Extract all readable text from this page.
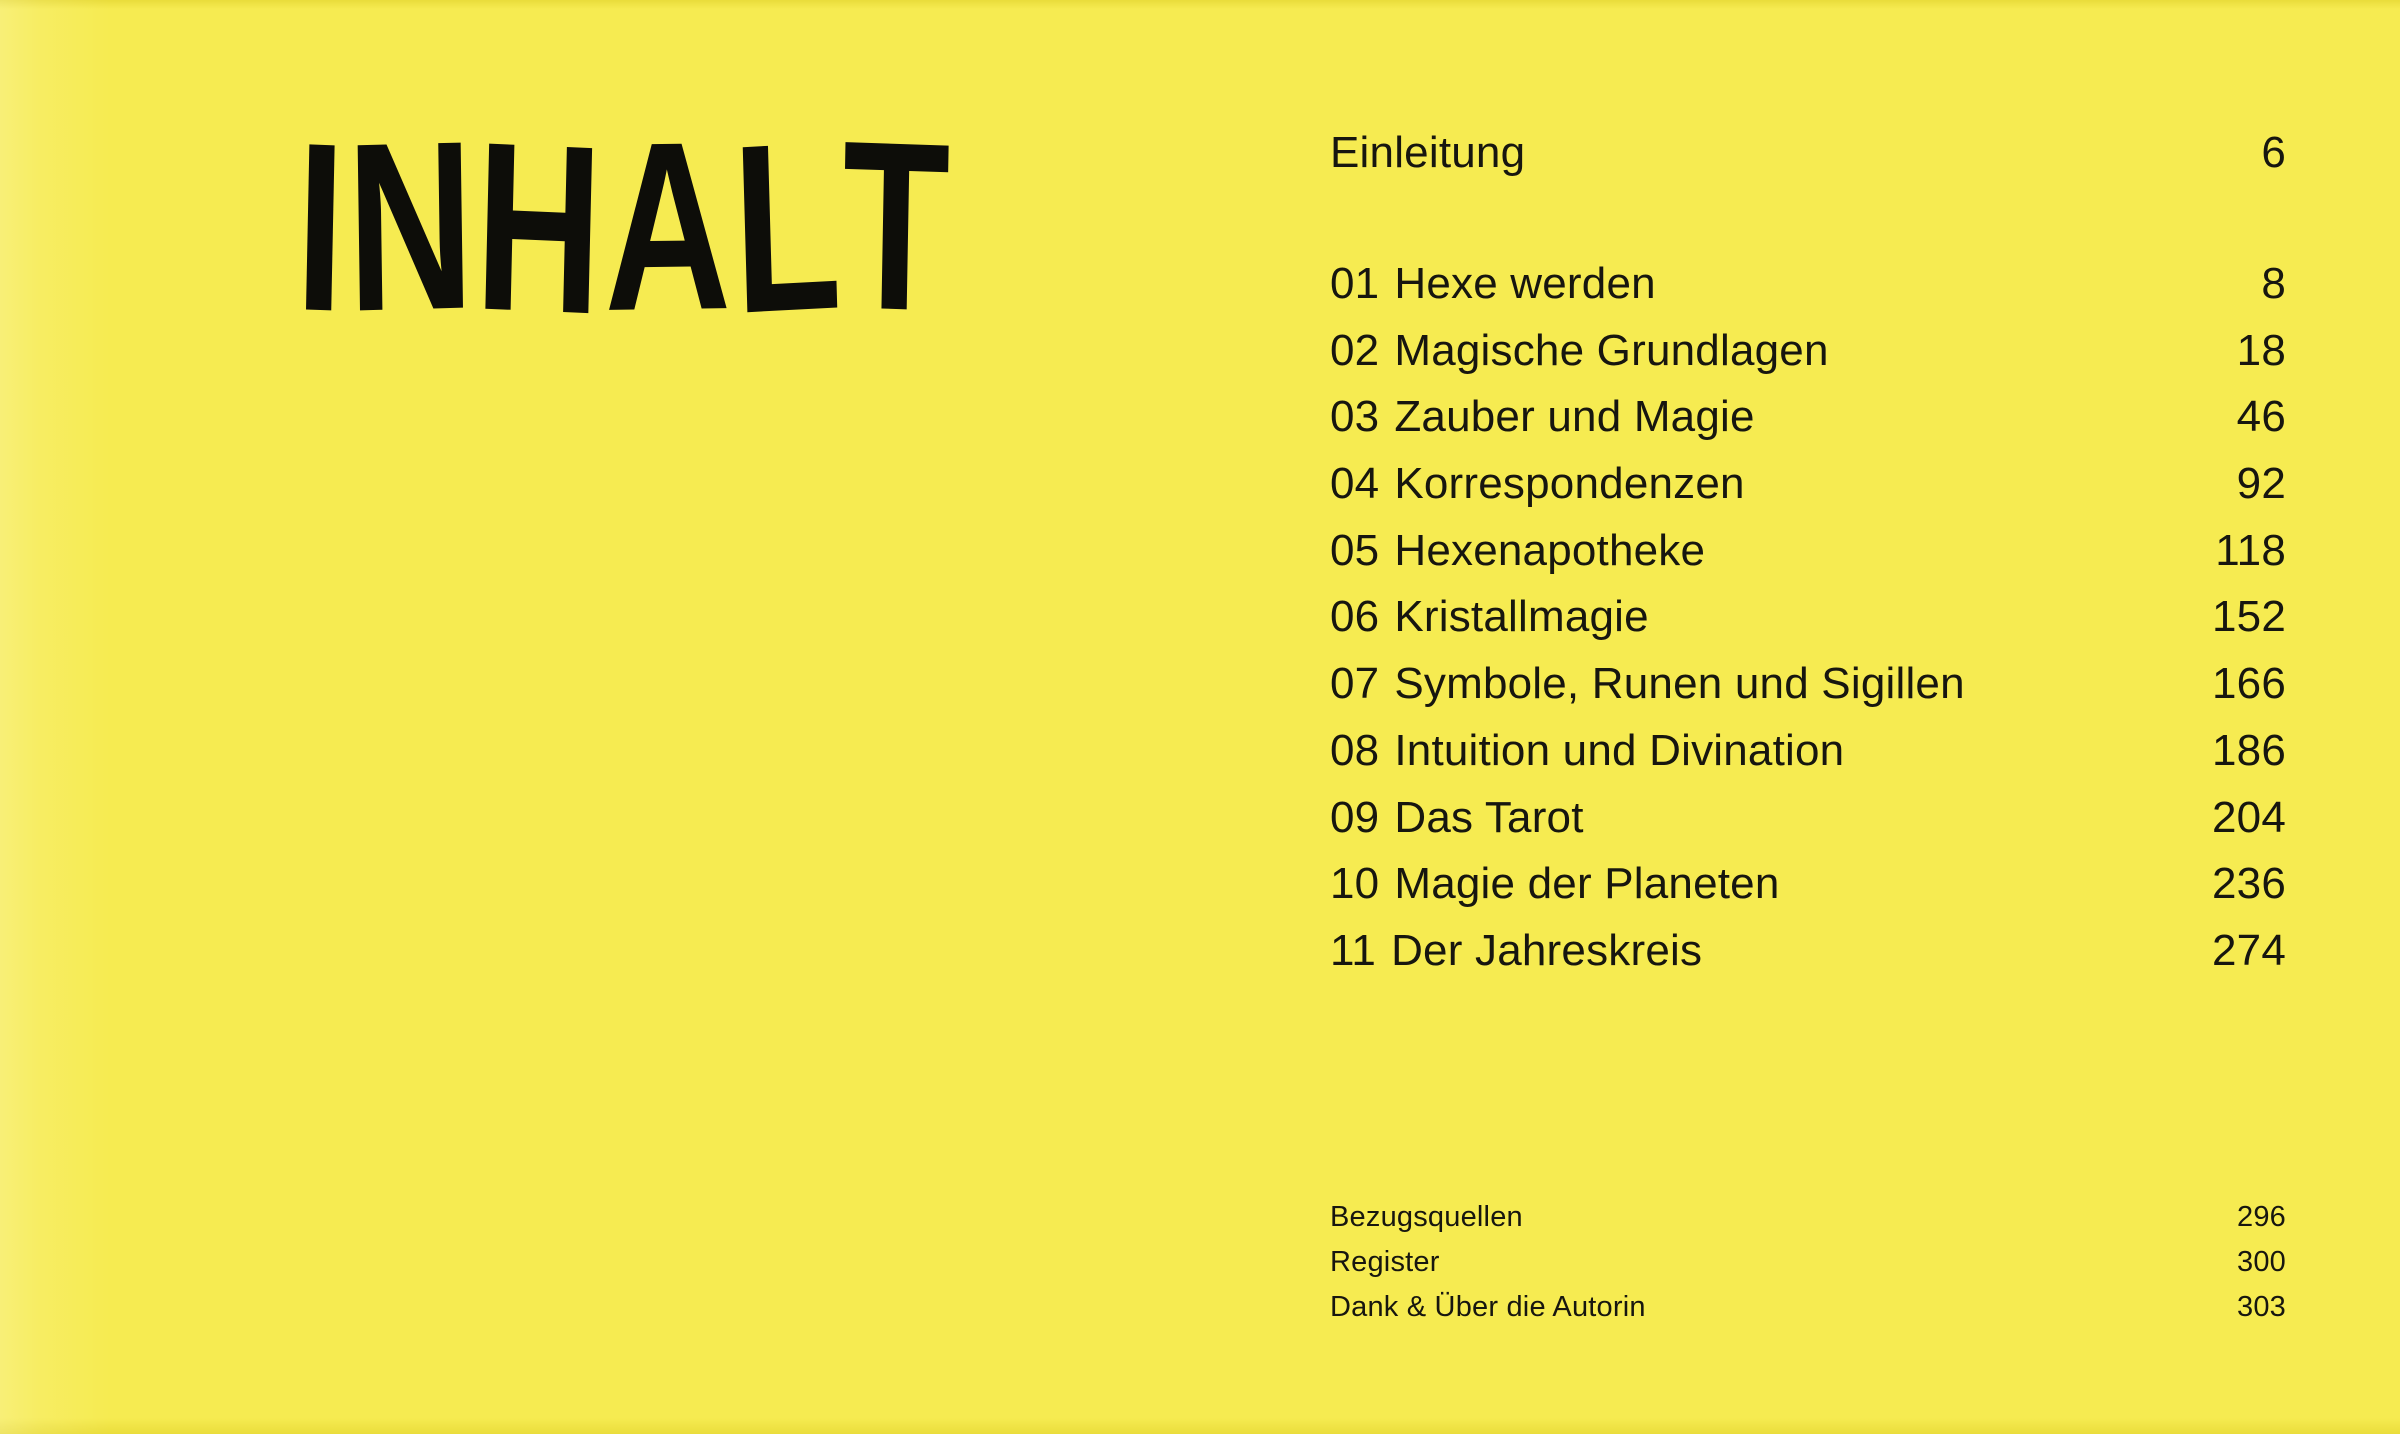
INHALT	Einleitung	6
01 Hexe werden	8
02 Magische Grundlagen	18
03 Zauber und Magie	46
04 Korrespondenzen	92
05 Hexenapotheke	118
06 Kristallmagie	152
07 Symbole, Runen und Sigillen	166
08 Intuition und Divination	186
09 Das Tarot	204
10 Magie der Planeten	236
11 Der Jahreskreis	274
Bezugsquellen	296
Register	300
Dank & Über die Autorin	303
